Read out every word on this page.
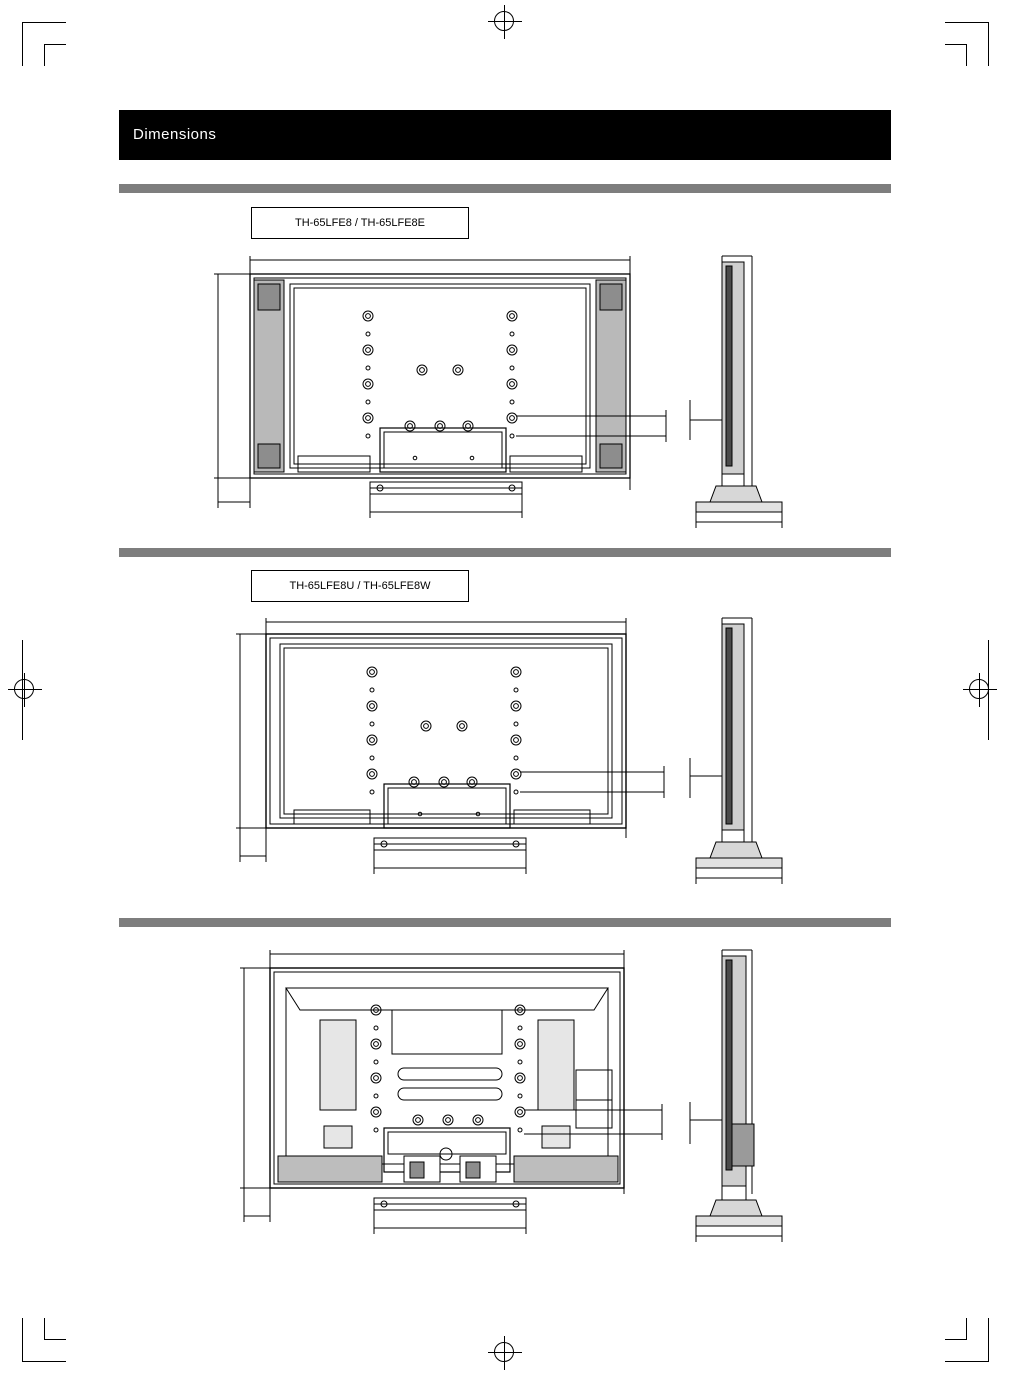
Dimensions
TH-65LFE8 / TH-65LFE8E
TH-65LFE8U / TH-65LFE8W
